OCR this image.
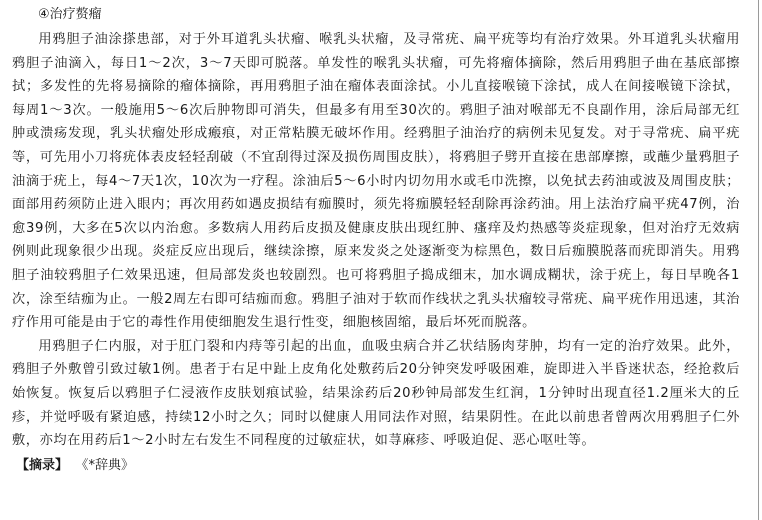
④治疗赘瘤

用鸦胆子油涂搽患部，对于外耳道乳头状瘤、喉乳头状瘤，及寻常疣、扁平疣等均有治疗效果。外耳道乳头状瘤用鸦胆子油滴入，每日1～2次，3～7天即可脱落。单发性的喉乳头状瘤，可先将瘤体摘除，然后用鸦胆子曲在基底部擦拭；多发性的先将易摘除的瘤体摘除，再用鸦胆子油在瘤体表面涂拭。小儿直接喉镜下涂拭，成人在间接喉镜下涂拭，每周1～3次。一般施用5～6次后肿物即可消失，但最多有用至30次的。鸦胆子油对喉部无不良副作用，涂后局部无红肿或溃疡发现，乳头状瘤处形成瘢痕，对正常粘膜无破坏作用。经鸦胆子油治疗的病例未见复发。对于寻常疣、扁平疣等，可先用小刀将疣体表皮轻轻刮破（不宜刮得过深及损伤周围皮肤），将鸦胆子劈开直接在患部摩擦，或蘸少量鸦胆子油滴于疣上，每4～7天1次，10次为一疗程。涂油后5～6小时内切勿用水或毛巾洗擦，以免拭去药油或波及周围皮肤；面部用药须防止进入眼内；再次用药如遇皮损结有痂膜时，须先将痂膜轻轻刮除再涂药油。用上法治疗扁平疣47例，治愈39例，大多在5次以内治愈。多数病人用药后皮损及健康皮肤出现红肿、瘙痒及灼热感等炎症现象，但对治疗无效病例则此现象很少出现。炎症反应出现后，继续涂擦，原来发炎之处逐渐变为棕黑色，数日后痂膜脱落而疣即消失。用鸦胆子油较鸦胆子仁效果迅速，但局部发炎也较剧烈。也可将鸦胆子捣成细末，加水调成糊状，涂于疣上，每日早晚各1次，涂至结痂为止。一般2周左右即可结痂而愈。鸦胆子油对于软而作线状之乳头状瘤较寻常疣、扁平疣作用迅速，其治疗作用可能是由于它的毒性作用使细胞发生退行性变，细胞核固缩，最后坏死而脱落。

用鸦胆子仁内服，对于肛门裂和内痔等引起的出血，血吸虫病合并乙状结肠肉芽肿，均有一定的治疗效果。此外，鸦胆子外敷曾引致过敏1例。患者于右足中趾上皮角化处敷药后20分钟突发呼吸困难，旋即进入半昏迷状态，经抢救后始恢复。恢复后以鸦胆子仁浸液作皮肤划痕试验，结果涂药后20秒钟局部发生红润，1分钟时出现直径1.2厘米大的丘疹，并觉呼吸有紧迫感，持续12小时之久；同时以健康人用同法作对照，结果阴性。在此以前患者曾两次用鸦胆子仁外敷，亦均在用药后1～2小时左右发生不同程度的过敏症状，如荨麻疹、呼吸迫促、恶心呕吐等。

【摘录】 《*辞典》
